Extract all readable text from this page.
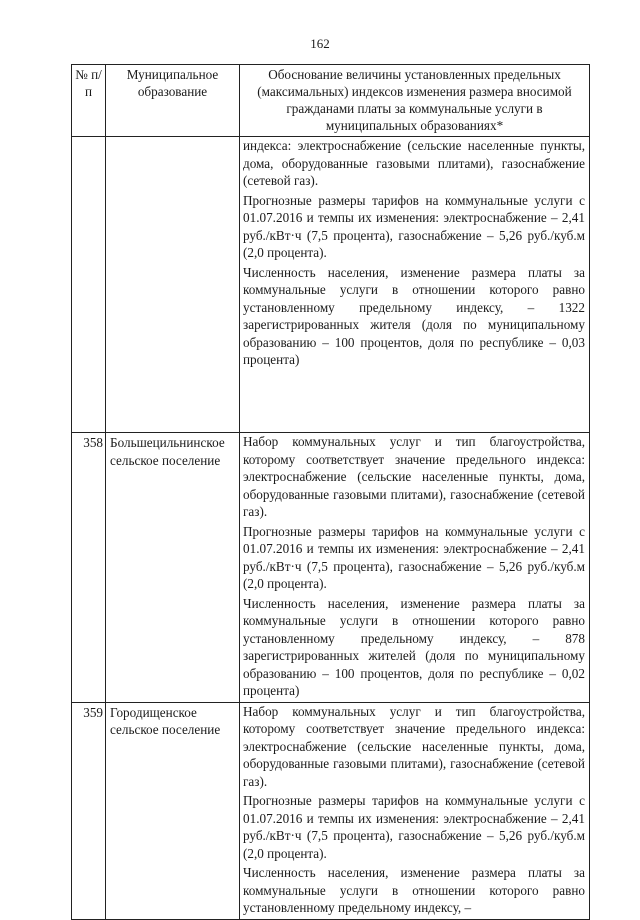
162
№ п/п	Муниципальное образование	Обоснование величины установленных предельных (максимальных) индексов изменения размера вносимой гражданами платы за коммунальные услуги в муниципальных образованиях*

		индекса: электроснабжение (сельские населенные пункты, дома, оборудованные газовыми плитами), газоснабжение (сетевой газ).
Прогнозные размеры тарифов на коммунальные услуги с 01.07.2016 и темпы их изменения: электроснабжение – 2,41 руб./кВт·ч (7,5 процента), газоснабжение – 5,26 руб./куб.м (2,0 процента).
Численность населения, изменение размера платы за коммунальные услуги в отношении которого равно установленному предельному индексу, – 1322 зарегистрированных жителя (доля по муниципальному образованию – 100 процентов, доля по республике – 0,03 процента)

358	Большецильнинское сельское поселение	Набор коммунальных услуг и тип благоустройства, которому соответствует значение предельного индекса: электроснабжение (сельские населенные пункты, дома, оборудованные газовыми плитами), газоснабжение (сетевой газ).
Прогнозные размеры тарифов на коммунальные услуги с 01.07.2016 и темпы их изменения: электроснабжение – 2,41 руб./кВт·ч (7,5 процента), газоснабжение – 5,26 руб./куб.м (2,0 процента).
Численность населения, изменение размера платы за коммунальные услуги в отношении которого равно установленному предельному индексу, – 878 зарегистрированных жителей (доля по муниципальному образованию – 100 процентов, доля по республике – 0,02 процента)

359	Городищенское сельское поселение	Набор коммунальных услуг и тип благоустройства, которому соответствует значение предельного индекса: электроснабжение (сельские населенные пункты, дома, оборудованные газовыми плитами), газоснабжение (сетевой газ).
Прогнозные размеры тарифов на коммунальные услуги с 01.07.2016 и темпы их изменения: электроснабжение – 2,41 руб./кВт·ч (7,5 процента), газоснабжение – 5,26 руб./куб.м (2,0 процента).
Численность населения, изменение размера платы за коммунальные услуги в отношении которого равно установленному предельному индексу, –
